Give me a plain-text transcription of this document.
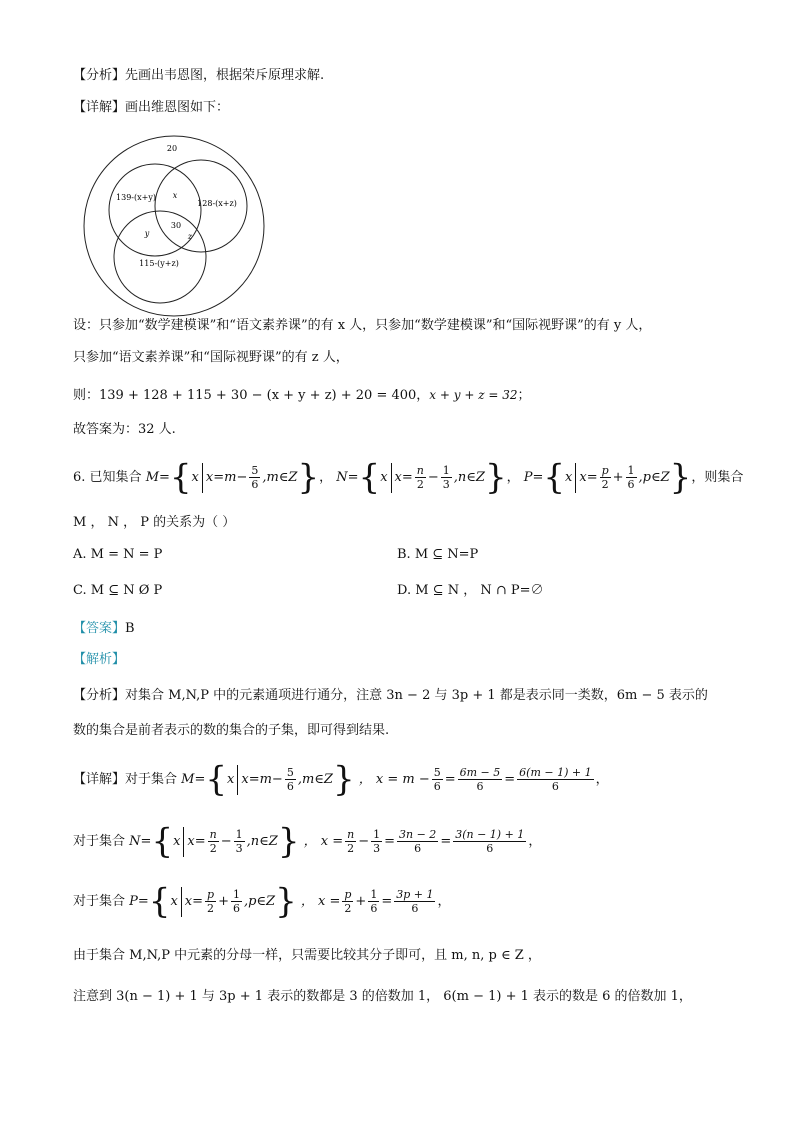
【分析】先画出韦恩图，根据荣斥原理求解.
【详解】画出维恩图如下：
20
139-(x+y) x
128-(x+z)
30
y	z
115-(y+z)
设：只参加“数学建模课”和“语文素养课”的有 x 人，只参加“数学建模课”和“国际视野课”的有 y 人，
只参加“语文素养课”和“国际视野课”的有 z 人，
则：139 + 128 + 115 + 30 − (x + y + z) + 20 = 400，x + y + z = 32；
故答案为：32 人.
6. 已知集合 M={x $x=m- \frac{5}{6}$ ,m∈Z}， N={x $x= \frac{n}{2} - \frac{1}{3}$ ,n∈Z}， P={x $x= \frac{p}{2} + \frac{1}{6}$ ,p∈Z}，则集合
M ， N ， P 的关系为（ ）
A. M = N = P	B. M ⊆ N=P
C. M ⊆ N Ø P	D. M ⊆ N ， N ∩ P=∅
【答案】B
【解析】
【分析】对集合 M,N,P 中的元素通项进行通分，注意 3n − 2 与 3p + 1 都是表示同一类数，6m − 5 表示的
数的集合是前者表示的数的集合的子集，即可得到结果.
【详解】对于集合 M={x $x=m- \frac{5}{6}$ ,m∈Z} ， $x = m - \frac{5}{6} = \frac{6m - 5}{6} = \frac{6(m - 1) + 1}{6}$ ，
对于集合 N={x $x= \frac{n}{2} - \frac{1}{3}$ ,n∈Z} ， $x = \frac{n}{2} - \frac{1}{3} = \frac{3n - 2}{6} = \frac{3(n - 1) + 1}{6}$ ，
对于集合 P={x $x= \frac{p}{2} + \frac{1}{6}$ ,p∈Z} ， $x = \frac{p}{2} + \frac{1}{6} = \frac{3p + 1}{6}$ ，
由于集合 M,N,P 中元素的分母一样，只需要比较其分子即可，且 m, n, p ∈ Z ，
注意到 3(n − 1) + 1 与 3p + 1 表示的数都是 3 的倍数加 1， 6(m − 1) + 1 表示的数是 6 的倍数加 1，
